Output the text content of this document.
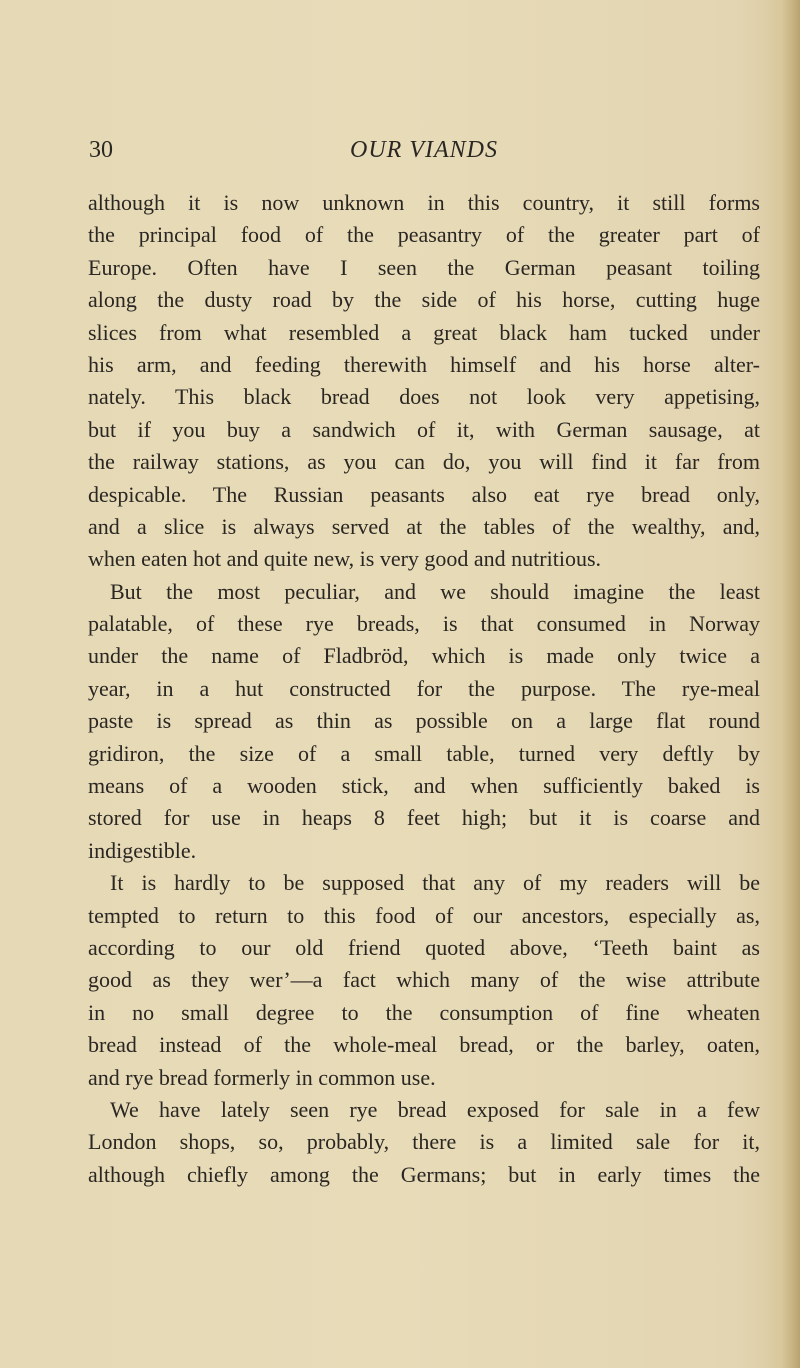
30	OUR VIANDS
although it is now unknown in this country, it still forms
the principal food of the peasantry of the greater part of
Europe. Often have I seen the German peasant toiling
along the dusty road by the side of his horse, cutting huge
slices from what resembled a great black ham tucked under
his arm, and feeding therewith himself and his horse alter-
nately. This black bread does not look very appetising,
but if you buy a sandwich of it, with German sausage, at
the railway stations, as you can do, you will find it far from
despicable. The Russian peasants also eat rye bread only,
and a slice is always served at the tables of the wealthy, and,
when eaten hot and quite new, is very good and nutritious.
But the most peculiar, and we should imagine the least
palatable, of these rye breads, is that consumed in Norway
under the name of Fladbröd, which is made only twice a
year, in a hut constructed for the purpose. The rye-meal
paste is spread as thin as possible on a large flat round
gridiron, the size of a small table, turned very deftly by
means of a wooden stick, and when sufficiently baked is
stored for use in heaps 8 feet high; but it is coarse and
indigestible.
It is hardly to be supposed that any of my readers will be
tempted to return to this food of our ancestors, especially as,
according to our old friend quoted above, ‘Teeth baint as
good as they wer’—a fact which many of the wise attribute
in no small degree to the consumption of fine wheaten
bread instead of the whole-meal bread, or the barley, oaten,
and rye bread formerly in common use.
We have lately seen rye bread exposed for sale in a few
London shops, so, probably, there is a limited sale for it,
although chiefly among the Germans; but in early times the
